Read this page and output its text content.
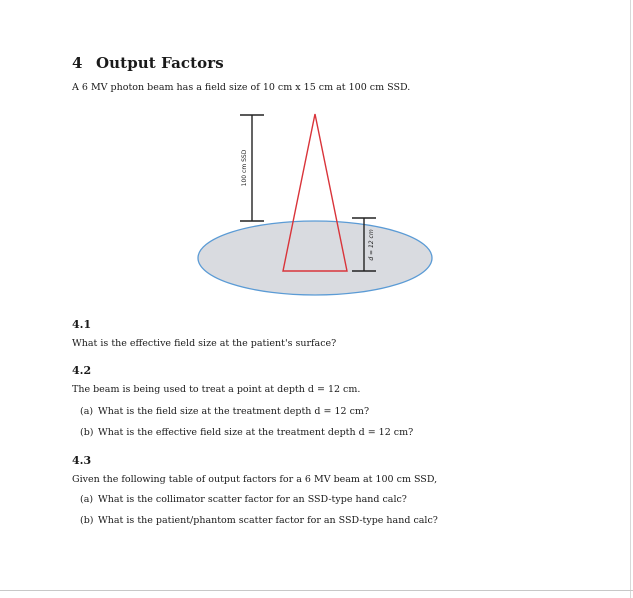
4 Output Factors
A 6 MV photon beam has a field size of 10 cm x 15 cm at 100 cm SSD.
100 cm SSD
d = 12 cm
4.1
What is the effective field size at the patient's surface?
4.2
The beam is being used to treat a point at depth d = 12 cm.
(a) What is the field size at the treatment depth d = 12 cm?
(b) What is the effective field size at the treatment depth d = 12 cm?
4.3
Given the following table of output factors for a 6 MV beam at 100 cm SSD,
(a) What is the collimator scatter factor for an SSD-type hand calc?
(b) What is the patient/phantom scatter factor for an SSD-type hand calc?
